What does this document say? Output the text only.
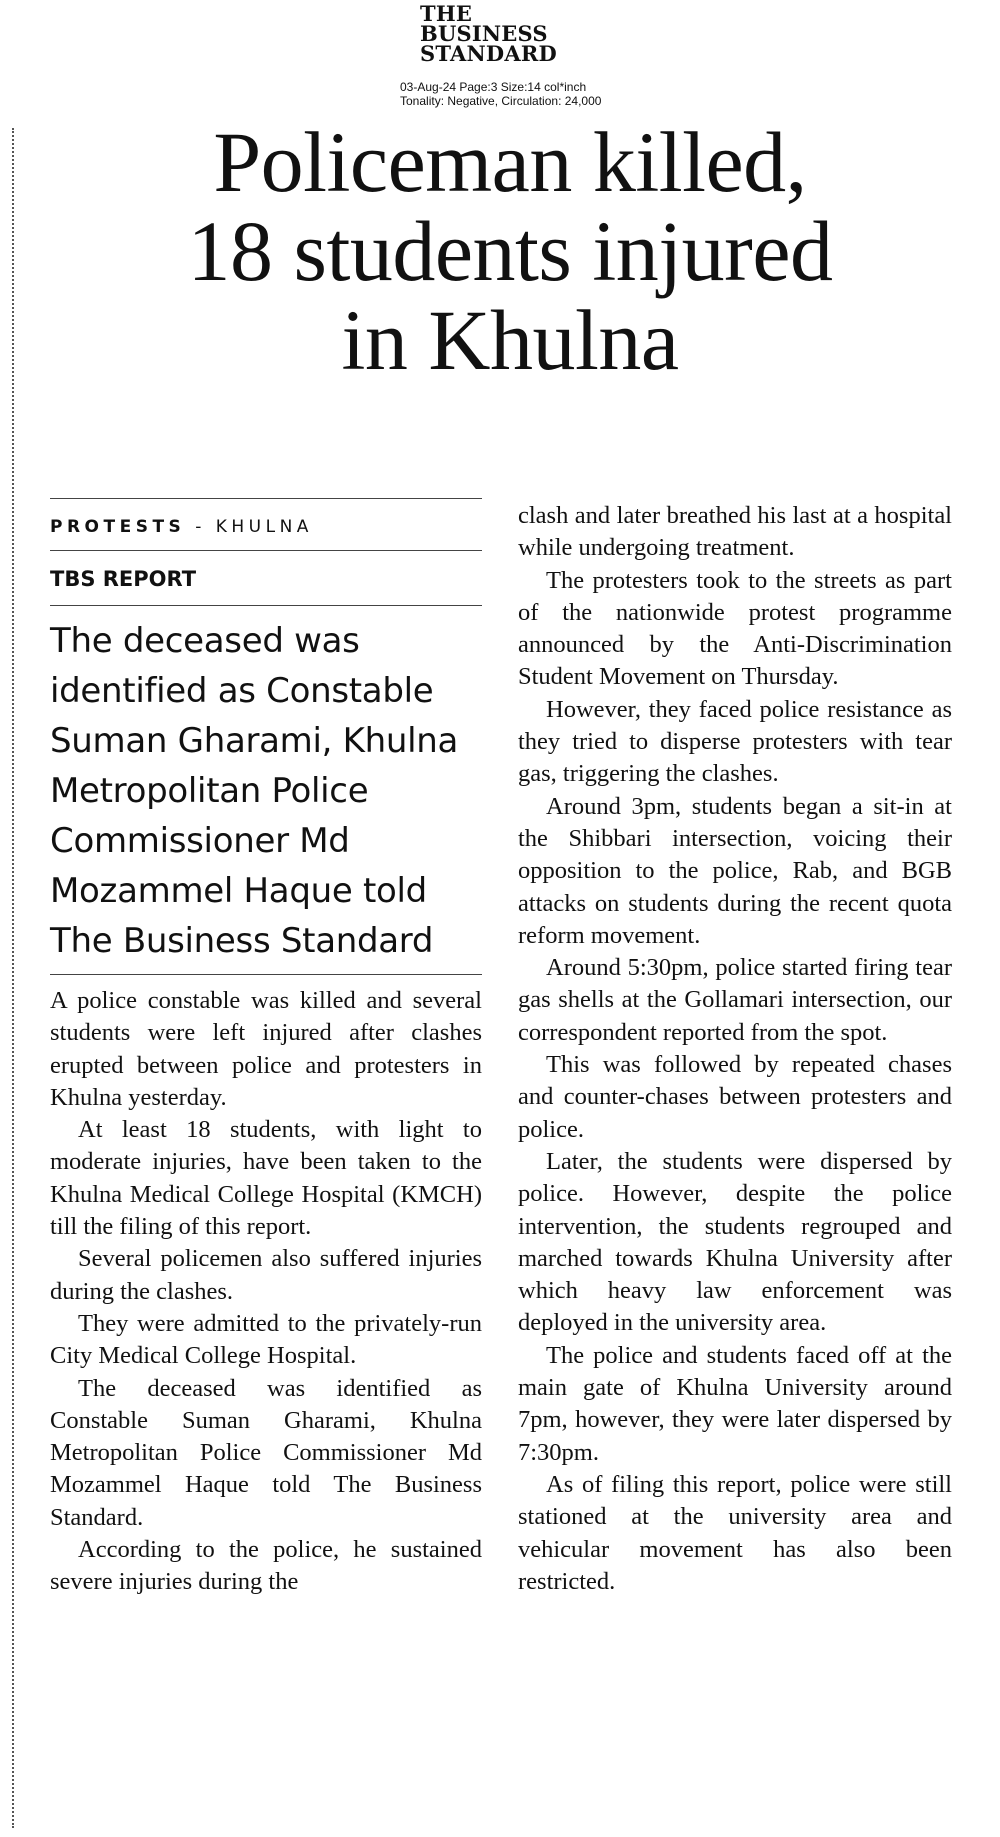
THE
BUSINESS
STANDARD
03-Aug-24 Page:3 Size:14 col*inch
Tonality: Negative, Circulation: 24,000
Policeman killed,
18 students injured
in Khulna
PROTESTS - KHULNA
TBS REPORT
The deceased was identified as Constable Suman Gharami, Khulna Metropolitan Police Commissioner Md Mozammel Haque told The Business Standard

A police constable was killed and several students were left injured after clashes erupted between police and protesters in Khulna yesterday.

At least 18 students, with light to moderate injuries, have been taken to the Khulna Medical College Hospital (KMCH) till the filing of this report.

Several policemen also suffered injuries during the clashes.

They were admitted to the privately-run City Medical College Hospital.

The deceased was identified as Constable Suman Gharami, Khulna Metropolitan Police Commissioner Md Mozammel Haque told The Business Standard.

According to the police, he sustained severe injuries during the

clash and later breathed his last at a hospital while undergoing treatment.

The protesters took to the streets as part of the nationwide protest programme announced by the Anti-Discrimination Student Movement on Thursday.

However, they faced police resistance as they tried to disperse protesters with tear gas, triggering the clashes.

Around 3pm, students began a sit-in at the Shibbari intersection, voicing their opposition to the police, Rab, and BGB attacks on students during the recent quota reform movement.

Around 5:30pm, police started firing tear gas shells at the Gollamari intersection, our correspondent reported from the spot.

This was followed by repeated chases and counter-chases between protesters and police.

Later, the students were dispersed by police. However, despite the police intervention, the students regrouped and marched towards Khulna University after which heavy law enforcement was deployed in the university area.

The police and students faced off at the main gate of Khulna University around 7pm, however, they were later dispersed by 7:30pm.

As of filing this report, police were still stationed at the university area and vehicular movement has also been restricted.
